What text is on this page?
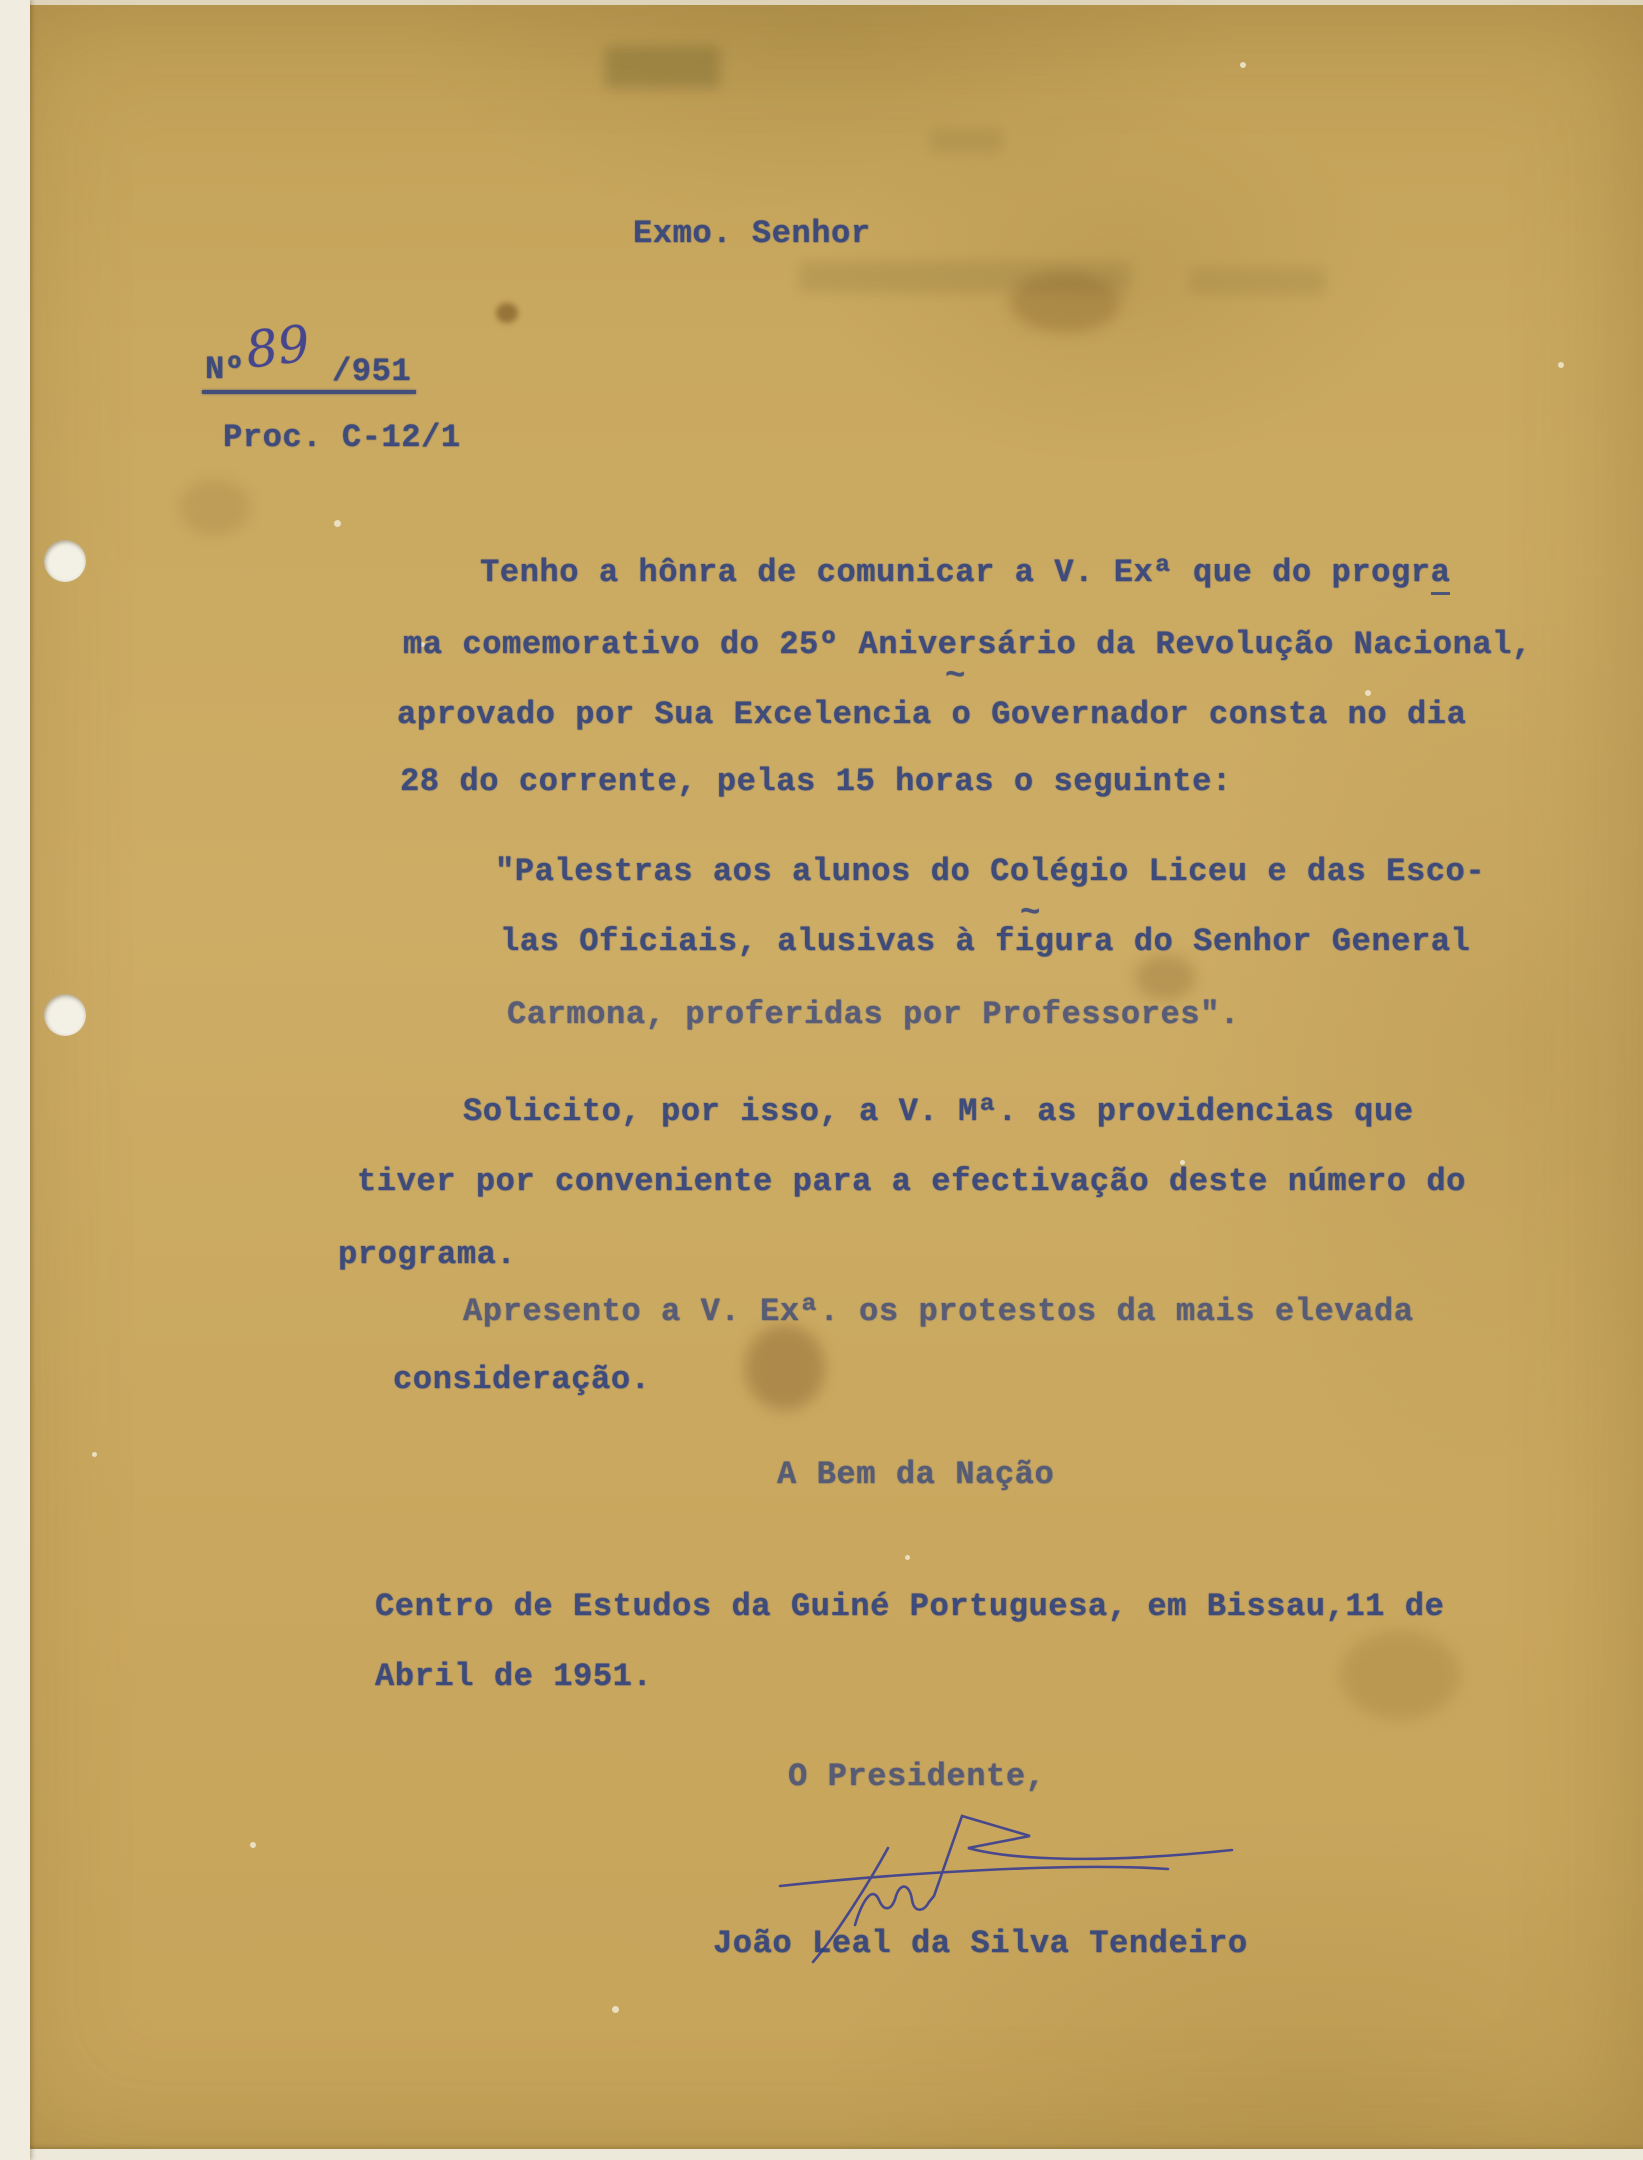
Exmo. Senhor
Nº
89 /951
Proc. C-12/1
Tenho a hônra de comunicar a V. Exª que do progra
ma comemorativo do 25º Aniversário da Revolução Nacional,
~
aprovado por Sua Excelencia o Governador consta no dia
28 do corrente, pelas 15 horas o seguinte:
"Palestras aos alunos do Colégio Liceu e das Esco-
~
las Oficiais, alusivas à figura do Senhor General
Carmona, proferidas por Professores".
Solicito, por isso, a V. Mª. as providencias que
tiver por conveniente para a efectivação deste número do
programa.
Apresento a V. Exª. os protestos da mais elevada
consideração.
A Bem da Nação
Centro de Estudos da Guiné Portuguesa, em Bissau,11 de
Abril de 1951.
O Presidente,
João Leal da Silva Tendeiro
